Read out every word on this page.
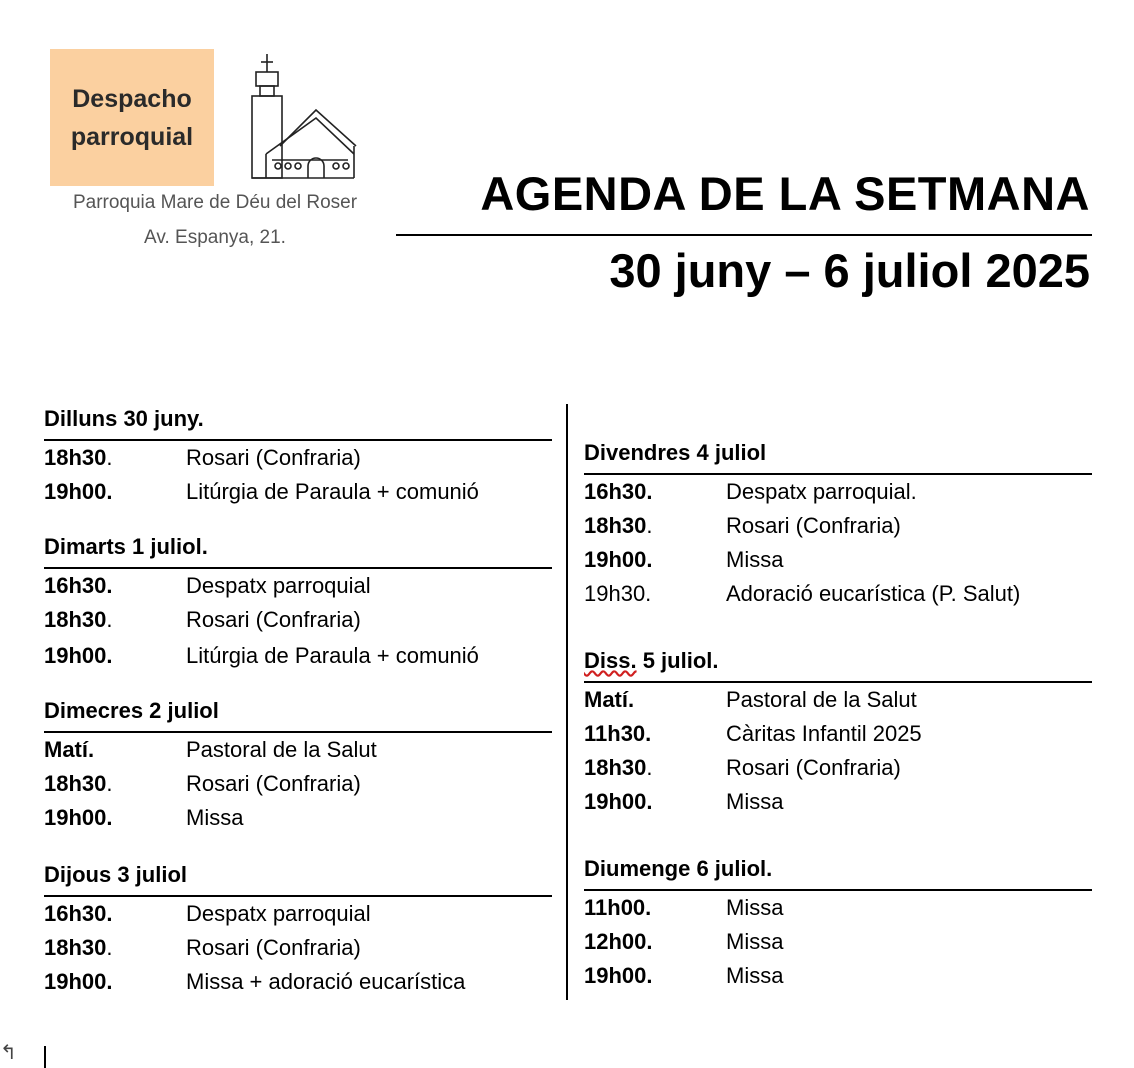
Despacho
parroquial
Parroquia Mare de Déu del Roser
Av. Espanya, 21.
AGENDA DE LA SETMANA
30 juny – 6 juliol 2025
Dilluns 30 juny.
18h30.	Rosari (Confraria)
19h00.	Litúrgia de Paraula + comunió
Dimarts 1 juliol.
16h30.	Despatx parroquial
18h30.	Rosari (Confraria)
19h00.	Litúrgia de Paraula + comunió
Dimecres 2 juliol
Matí.	Pastoral de la Salut
18h30.	Rosari (Confraria)
19h00.	Missa
Dijous 3 juliol
16h30.	Despatx parroquial
18h30.	Rosari (Confraria)
19h00.	Missa + adoració eucarística
Divendres 4 juliol
16h30.	Despatx parroquial.
18h30.	Rosari (Confraria)
19h00.	Missa
19h30.	Adoració eucarística (P. Salut)
Diss. 5 juliol.
Matí.	Pastoral de la Salut
11h30.	Càritas Infantil 2025
18h30.	Rosari (Confraria)
19h00.	Missa
Diumenge 6 juliol.
11h00.	Missa
12h00.	Missa
19h00.	Missa
↰
